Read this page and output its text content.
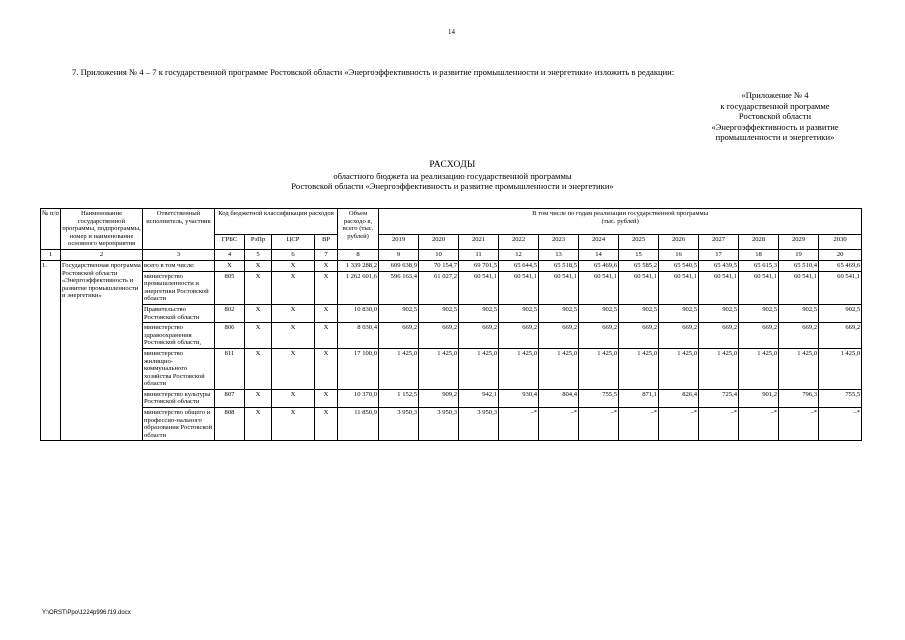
14
7. Приложения № 4 – 7 к государственной программе Ростовской области «Энергоэффективность и развитие промышленности и энергетики» изложить в редакции:
«Приложение № 4
к государственной программе
Ростовской области
«Энергоэффективность и развитие
промышленности и энергетики»
РАСХОДЫ
областного бюджета на реализацию государственной программы
Ростовской области «Энергоэффективность и развитие промышленности и энергетики»
№ п/п	Наименование государственной программы, подпрограммы, номер и наименование основного мероприятия	Ответственный исполнитель, участник	Код бюджетной классификации расходов				Объем расходо в, всего (тыс. рублей)	В том числе по годам реализации государственной программы
(тыс. рублей)											

			ГРБС	РзПр	ЦСР	ВР		2019	2020	2021	2022	2023	2024	2025	2026	2027	2028	2029	2030
1	2	3	4	5	6	7	8	9	10	11	12	13	14	15	16	17	18	19	20
1.	Государственная программа Ростовской области «Энергоэффективность и развитие промышленности и энергетики»	всего в том числе:	X	X	X	X	1 339 288,2	609 638,9	70 154,7	69 701,5	65 644,5	65 518,5	65 469,6	65 585,2	65 540,5	65 439,5	65 615,3	65 510,4	65 469,6
		министерство промышленности и энергетики Ростовской области	805	X	X	X	1 262 601,6	596 163,4	61 027,2	60 541,1	60 541,1	60 541,1	60 541,1	60 541,1	60 541,1	60 541,1	60 541,1	60 541,1	60 541,1
		Правительство Ростовской области	802	X	X	X	10 830,0	902,5	902,5	902,5	902,5	902,5	902,5	902,5	902,5	902,5	902,5	902,5	902,5
		министерство здравоохранения Ростовской области,	806	X	X	X	8 030,4	669,2	669,2	669,2	669,2	669,2	669,2	669,2	669,2	669,2	669,2	669,2	669,2
		министерство жилищно-коммунального хозяйства Ростовской области	811	X	X	X	17 100,0	1 425,0	1 425,0	1 425,0	1 425,0	1 425,0	1 425,0	1 425,0	1 425,0	1 425,0	1 425,0	1 425,0	1 425,0
		министерство культуры Ростовской области	807	X	X	X	10 370,0	1 152,5	909,2	942,1	930,4	804,4	755,5	871,1	826,4	725,4	901,2	796,3	755,5
		министерство общего и профессио-нального образования Ростовской области	808	X	X	X	11 850,9	3 950,3	3 950,3	3 950,3	–*	–*	–*	–*	–*	–*	–*	–*	–*
Y:\ORST\Ppo\1224p996.f19.docx
